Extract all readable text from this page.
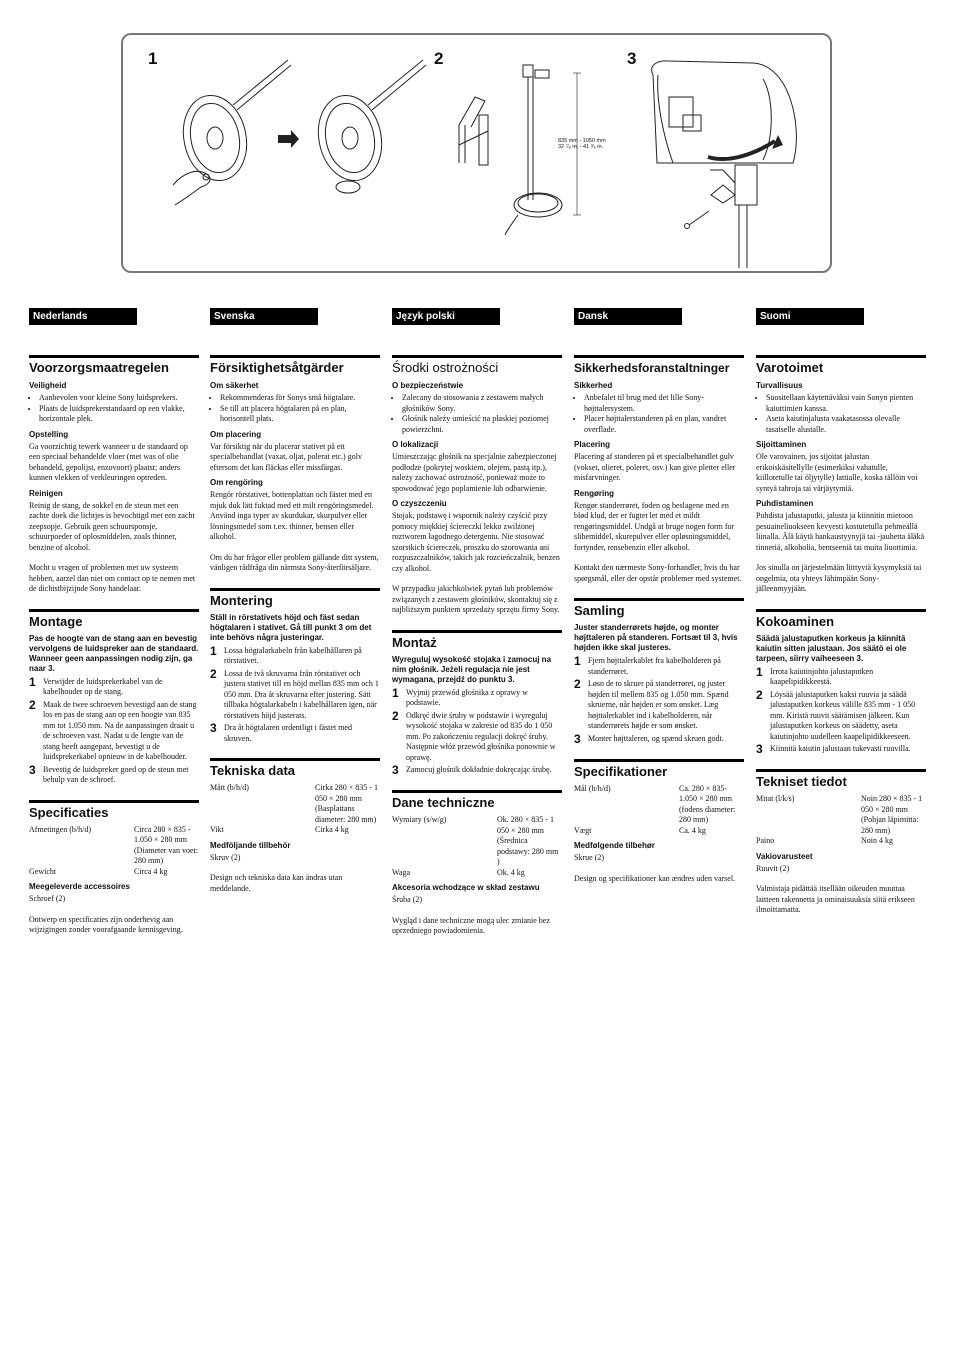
1	2	3
835 mm - 1050 mm
32 ⁷⁄₈ in. - 41 ³⁄₈ in.
Nederlands
Voorzorgsmaatregelen
Veiligheid
• Aanbevolen voor kleine Sony luidsprekers.
• Plaats de luidsprekerstandaard op een vlakke, horizontale plek.
Opstelling
Ga voorzichtig tewerk wanneer u de standaard op een speciaal behandelde vloer (met was of olie behandeld, gepolijst, enzovoort) plaatst; anders kunnen vlekken of verkleuringen optreden.
Reinigen
Reinig de stang, de sokkel en de steun met een zachte doek die lichtjes is bevochtigd met een zacht zeepsopje. Gebruik geen schuursponsje, schuurpoeder of oplosmiddelen, zoals thinner, benzine of alcohol.
Mocht u vragen of problemen met uw systeem hebben, aarzel dan niet om contact op te nemen met de dichtstbijzijnde Sony handelaar.
Montage
Pas de hoogte van de stang aan en bevestig vervolgens de luidspreker aan de standaard. Wanneer geen aanpassingen nodig zijn, ga naar 3.
1 Verwijder de luidsprekerkabel van de kabelhouder op de stang.
2 Maak de twee schroeven bevestigd aan de stang los en pas de stang aan op een hoogte van 835 mm tot 1.050 mm. Na de aanpassingen draait u de schroeven vast. Nadat u de lengte van de stang heeft aangepast, bevestigt u de luidsprekerkabel opnieuw in de kabelhouder.
3 Bevestig de luidspreker goed op de steun met behulp van de schroef.
Specificaties
Afmetingen (b/h/d)	Circa 280 × 835 - 1.050 × 280 mm (Diameter van voet: 280 mm)
Gewicht	Circa 4 kg
Meegeleverde accessoires
Schroef (2)
Ontwerp en specificaties zijn onderhevig aan wijzigingen zonder voorafgaande kennisgeving.
Svenska
Försiktighetsåtgärder
Om säkerhet
• Rekommenderas för Sonys små högtalare.
• Se till att placera högtalaren på en plan, horisontell plats.
Om placering
Var försiktig när du placerar stativet på ett specialbehandlat (vaxat, oljat, polerat etc.) golv eftersom det kan fläckas eller missfärgas.
Om rengöring
Rengör rörstativet, bottenplattan och fästet med en mjuk duk lätt fuktad med ett milt rengöringsmedel. Använd inga typer av skurdukar, skurpulver eller lösningsmedel som t.ex. thinner, bensen eller alkohol.
Om du har frågor eller problem gällande ditt system, vänligen rådfråga din närmsta Sony-återförsäljare.
Montering
Ställ in rörstativets höjd och fäst sedan högtalaren i stativet. Gå till punkt 3 om det inte behövs några justeringar.
1 Lossa högtalarkabeln från kabelhållaren på rörstativet.
2 Lossa de två skruvarna från rörstativet och justera stativet till en höjd mellan 835 mm och 1 050 mm. Dra åt skruvarna efter justering. Sätt tillbaka högtalarkabeln i kabelhållaren igen, när rörstativets höjd justerats.
3 Dra åt högtalaren ordentligt i fästet med skruven.
Tekniska data
Mått (b/h/d)	Cirka 280 × 835 - 1 050 × 280 mm (Basplattans diameter: 280 mm)
Vikt	Cirka 4 kg
Medföljande tillbehör
Skruv (2)
Design och tekniska data kan ändras utan meddelande.
Język polski
Środki ostrożności
O bezpieczeństwie
• Zalecany do stosowania z zestawem małych głośników Sony.
• Głośnik należy umieścić na płaskiej poziomej powierzchni.
O lokalizacji
Umieszczając głośnik na specjalnie zabezpieczonej podłodze (pokrytej woskiem, olejem, pastą itp.), należy zachować ostrożność, ponieważ może to spowodować jego poplamienie lub odbarwienie.
O czyszczeniu
Stojak, podstawę i wspornik należy czyścić przy pomocy miękkiej ściereczki lekko zwilżonej roztworem łagodnego detergentu. Nie stosować szorstkich ściereczek, proszku do szorowania ani rozpuszczalników, takich jak rozcieńczalnik, benzen czy alkohol.
W przypadku jakichkolwiek pytań lub problemów związanych z zestawem głośników, skontaktuj się z najbliższym punktem sprzedaży sprzętu firmy Sony.
Montaż
Wyreguluj wysokość stojaka i zamocuj na nim głośnik. Jeżeli regulacja nie jest wymagana, przejdź do punktu 3.
1 Wyjmij przewód głośnika z oprawy w podstawie.
2 Odkręć dwie śruby w podstawie i wyreguluj wysokość stojaka w zakresie od 835 do 1 050 mm. Po zakończeniu regulacji dokręć śruby. Następnie włóż przewód głośnika ponownie w oprawę.
3 Zamocuj głośnik dokładnie dokręcając śrubę.
Dane techniczne
Wymiary (s/w/g)	Ok. 280 × 835 - 1 050 × 280 mm (Średnica podstawy: 280 mm )
Waga	Ok. 4 kg
Akcesoria wchodzące w skład zestawu
Śruba (2)
Wygląd i dane techniczne mogą ulec zmianie bez uprzedniego powiadomienia.
Dansk
Sikkerhedsforanstaltninger
Sikkerhed
• Anbefalet til brug med det lille Sony-højttalersystem.
• Placer højttalerstanderen på en plan, vandret overflade.
Placering
Placering af standeren på et specialbehandlet gulv (vokset, olieret, poleret, osv.) kan give pletter eller misfarvninger.
Rengøring
Rengør standerrøret, foden og beslagene med en blød klud, der er fugtet let med et mildt rengøringsmiddel. Undgå at bruge nogen form for slibemiddel, skurepulver eller opløsningsmiddel, fortynder, rensebenzin eller alkohol.
Kontakt den nærmeste Sony-forhandler, hvis du har spørgsmål, eller der opstår problemer med systemet.
Samling
Juster standerrørets højde, og monter højttaleren på standeren. Fortsæt til 3, hvis højden ikke skal justeres.
1 Fjern højttalerkablet fra kabelholderen på standerrøret.
2 Løsn de to skruer på standerrøret, og juster højden til mellem 835 og 1.050 mm. Spænd skruerne, når højden er som ønsket. Læg højttalerkablet ind i kabelholderen, når standerrørets højde er som ønsket.
3 Monter højttaleren, og spænd skruen godt.
Specifikationer
Mål (b/h/d)	Ca. 280 × 835-1.050 × 280 mm (fodens diameter: 280 mm)
Vægt	Ca. 4 kg
Medfølgende tilbehør
Skrue (2)
Design og specifikationer kan ændres uden varsel.
Suomi
Varotoimet
Turvallisuus
• Suositellaan käytettäväksi vain Sonyn pienten kaiuttimien kanssa.
• Aseta kaiutinjalusta vaakatasossa olevalle tasaiselle alustalle.
Sijoittaminen
Ole varovainen, jos sijoitat jalustan erikoiskäsitellylle (esimerkiksi vahatulle, kiillotetulle tai öljytylle) lattialle, koska tällöin voi syntyä tahroja tai värjäytymiä.
Puhdistaminen
Puhdista jalustaputki, jalusta ja kiinnitin mietoon pesuaineliuokseen kevyesti kostutetulla pehmeällä liinalla. Älä käytä hankaustyynyjä tai -jauhetta äläkä tinneriä, alkoholia, bentseeniä tai muita liuottimia.
Jos sinulla on järjestelmään liittyviä kysymyksiä tai ongelmia, ota yhteys lähimpään Sony-jälleenmyyjään.
Kokoaminen
Säädä jalustaputken korkeus ja kiinnitä kaiutin sitten jalustaan. Jos säätö ei ole tarpeen, siirry vaiheeseen 3.
1 Irrota kaiutinjohto jalustaputken kaapelipidikkeestä.
2 Löysää jalustaputken kaksi ruuvia ja säädä jalustaputken korkeus välille 835 mm - 1 050 mm. Kiristä ruuvit säätämisen jälkeen. Kun jalustaputken korkeus on säädetty, aseta kaiutinjohto uudelleen kaapelipidikkeeseen.
3 Kiinnitä kaiutin jalustaan tukevasti ruuvilla.
Tekniset tiedot
Mitat (l/k/s)	Noin 280 × 835 - 1 050 × 280 mm (Pohjan läpimitta: 280 mm)
Paino	Noin 4 kg
Vakiovarusteet
Ruuvit (2)
Valmistaja pidättää itsellään oikeuden muuttaa laitteen rakennetta ja ominaisuuksia siitä erikseen ilmoittamatta.
